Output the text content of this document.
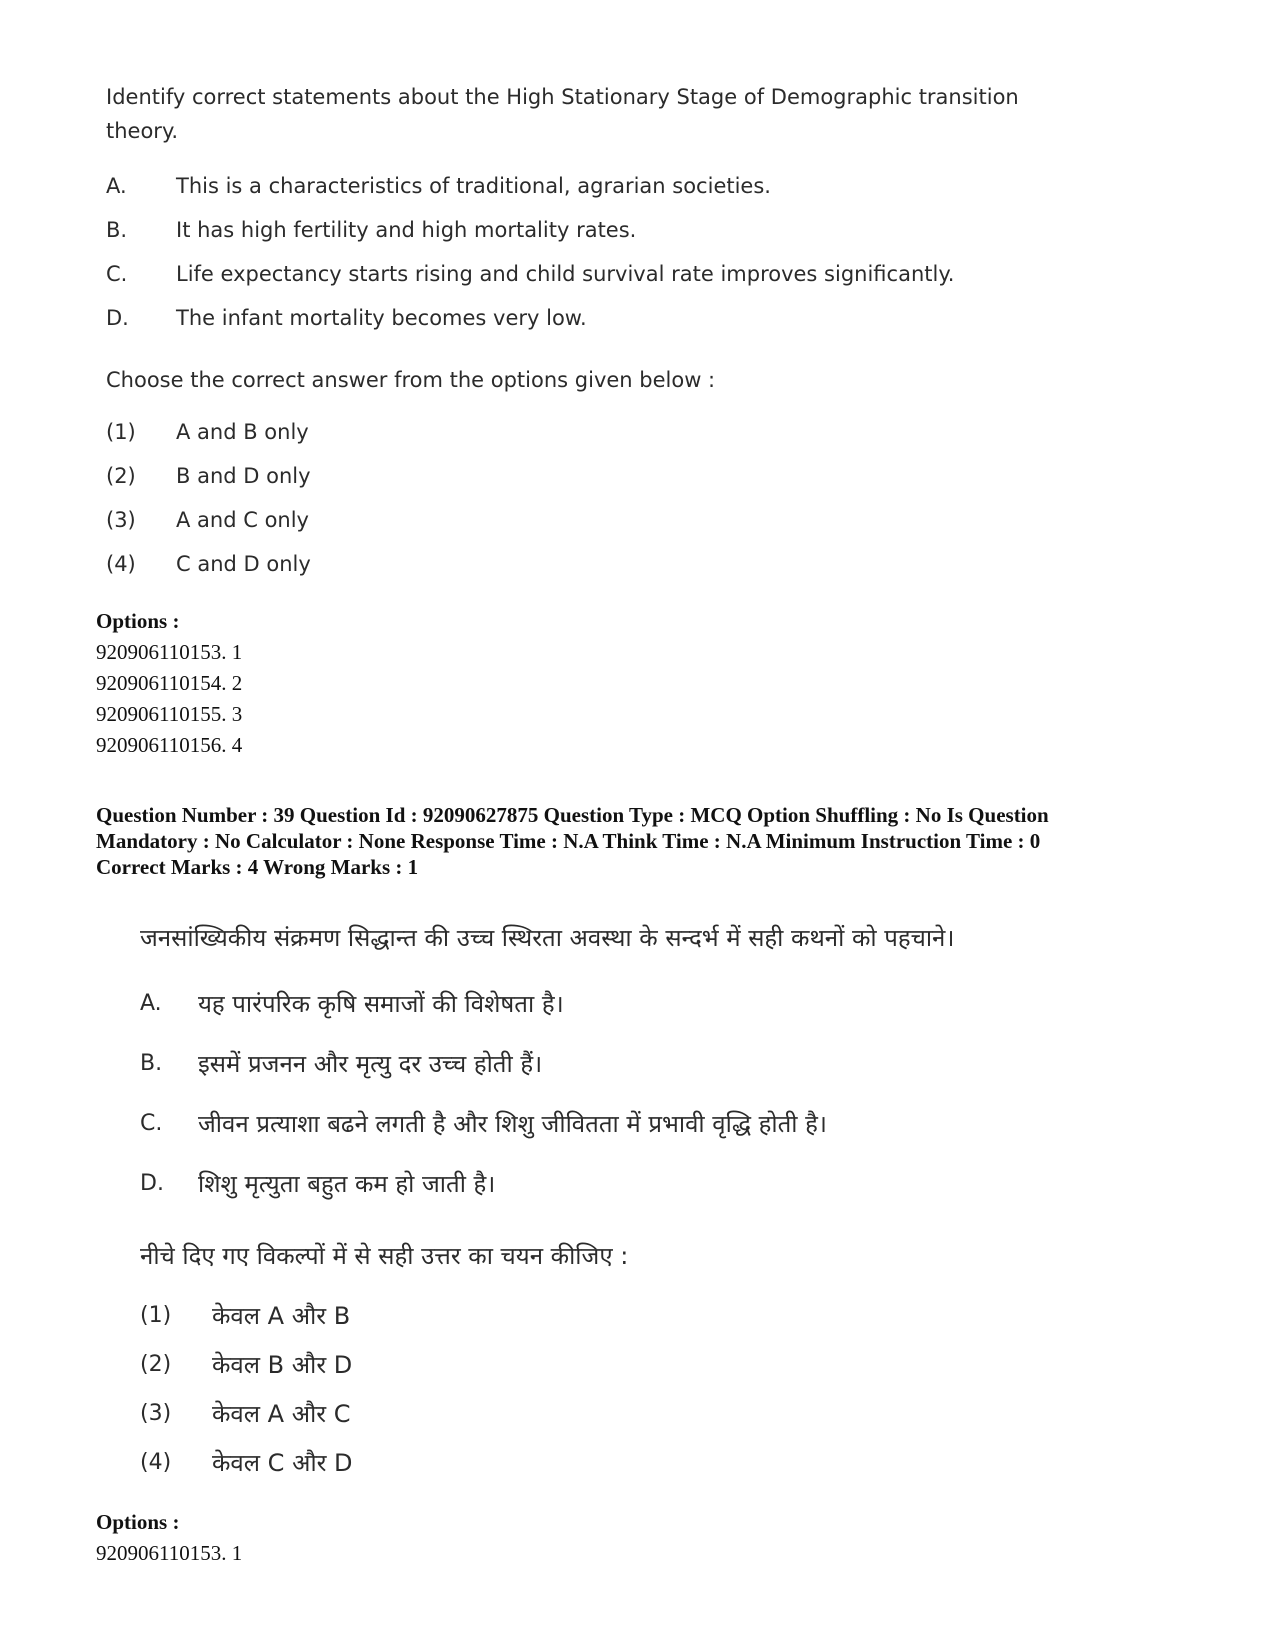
Identify correct statements about the High Stationary Stage of Demographic transition theory.

A.	This is a characteristics of traditional, agrarian societies.
B.	It has high fertility and high mortality rates.
C.	Life expectancy starts rising and child survival rate improves significantly.
D.	The infant mortality becomes very low.
Choose the correct answer from the options given below :
(1)	A and B only
(2)	B and D only
(3)	A and C only
(4)	C and D only
Options :
920906110153. 1
920906110154. 2
920906110155. 3
920906110156. 4
Question Number : 39 Question Id : 92090627875 Question Type : MCQ Option Shuffling : No Is Question
Mandatory : No Calculator : None Response Time : N.A Think Time : N.A Minimum Instruction Time : 0
Correct Marks : 4 Wrong Marks : 1

जनसांख्यिकीय संक्रमण सिद्धान्त की उच्च स्थिरता अवस्था के सन्दर्भ में सही कथनों को पहचाने।

A.	यह पारंपरिक कृषि समाजों की विशेषता है।
B.	इसमें प्रजनन और मृत्यु दर उच्च होती हैं।
C.	जीवन प्रत्याशा बढने लगती है और शिशु जीवितता में प्रभावी वृद्धि होती है।
D.	शिशु मृत्युता बहुत कम हो जाती है।
नीचे दिए गए विकल्पों में से सही उत्तर का चयन कीजिए :
(1)	केवल A और B
(2)	केवल B और D
(3)	केवल A और C
(4)	केवल C और D
Options :
920906110153. 1
